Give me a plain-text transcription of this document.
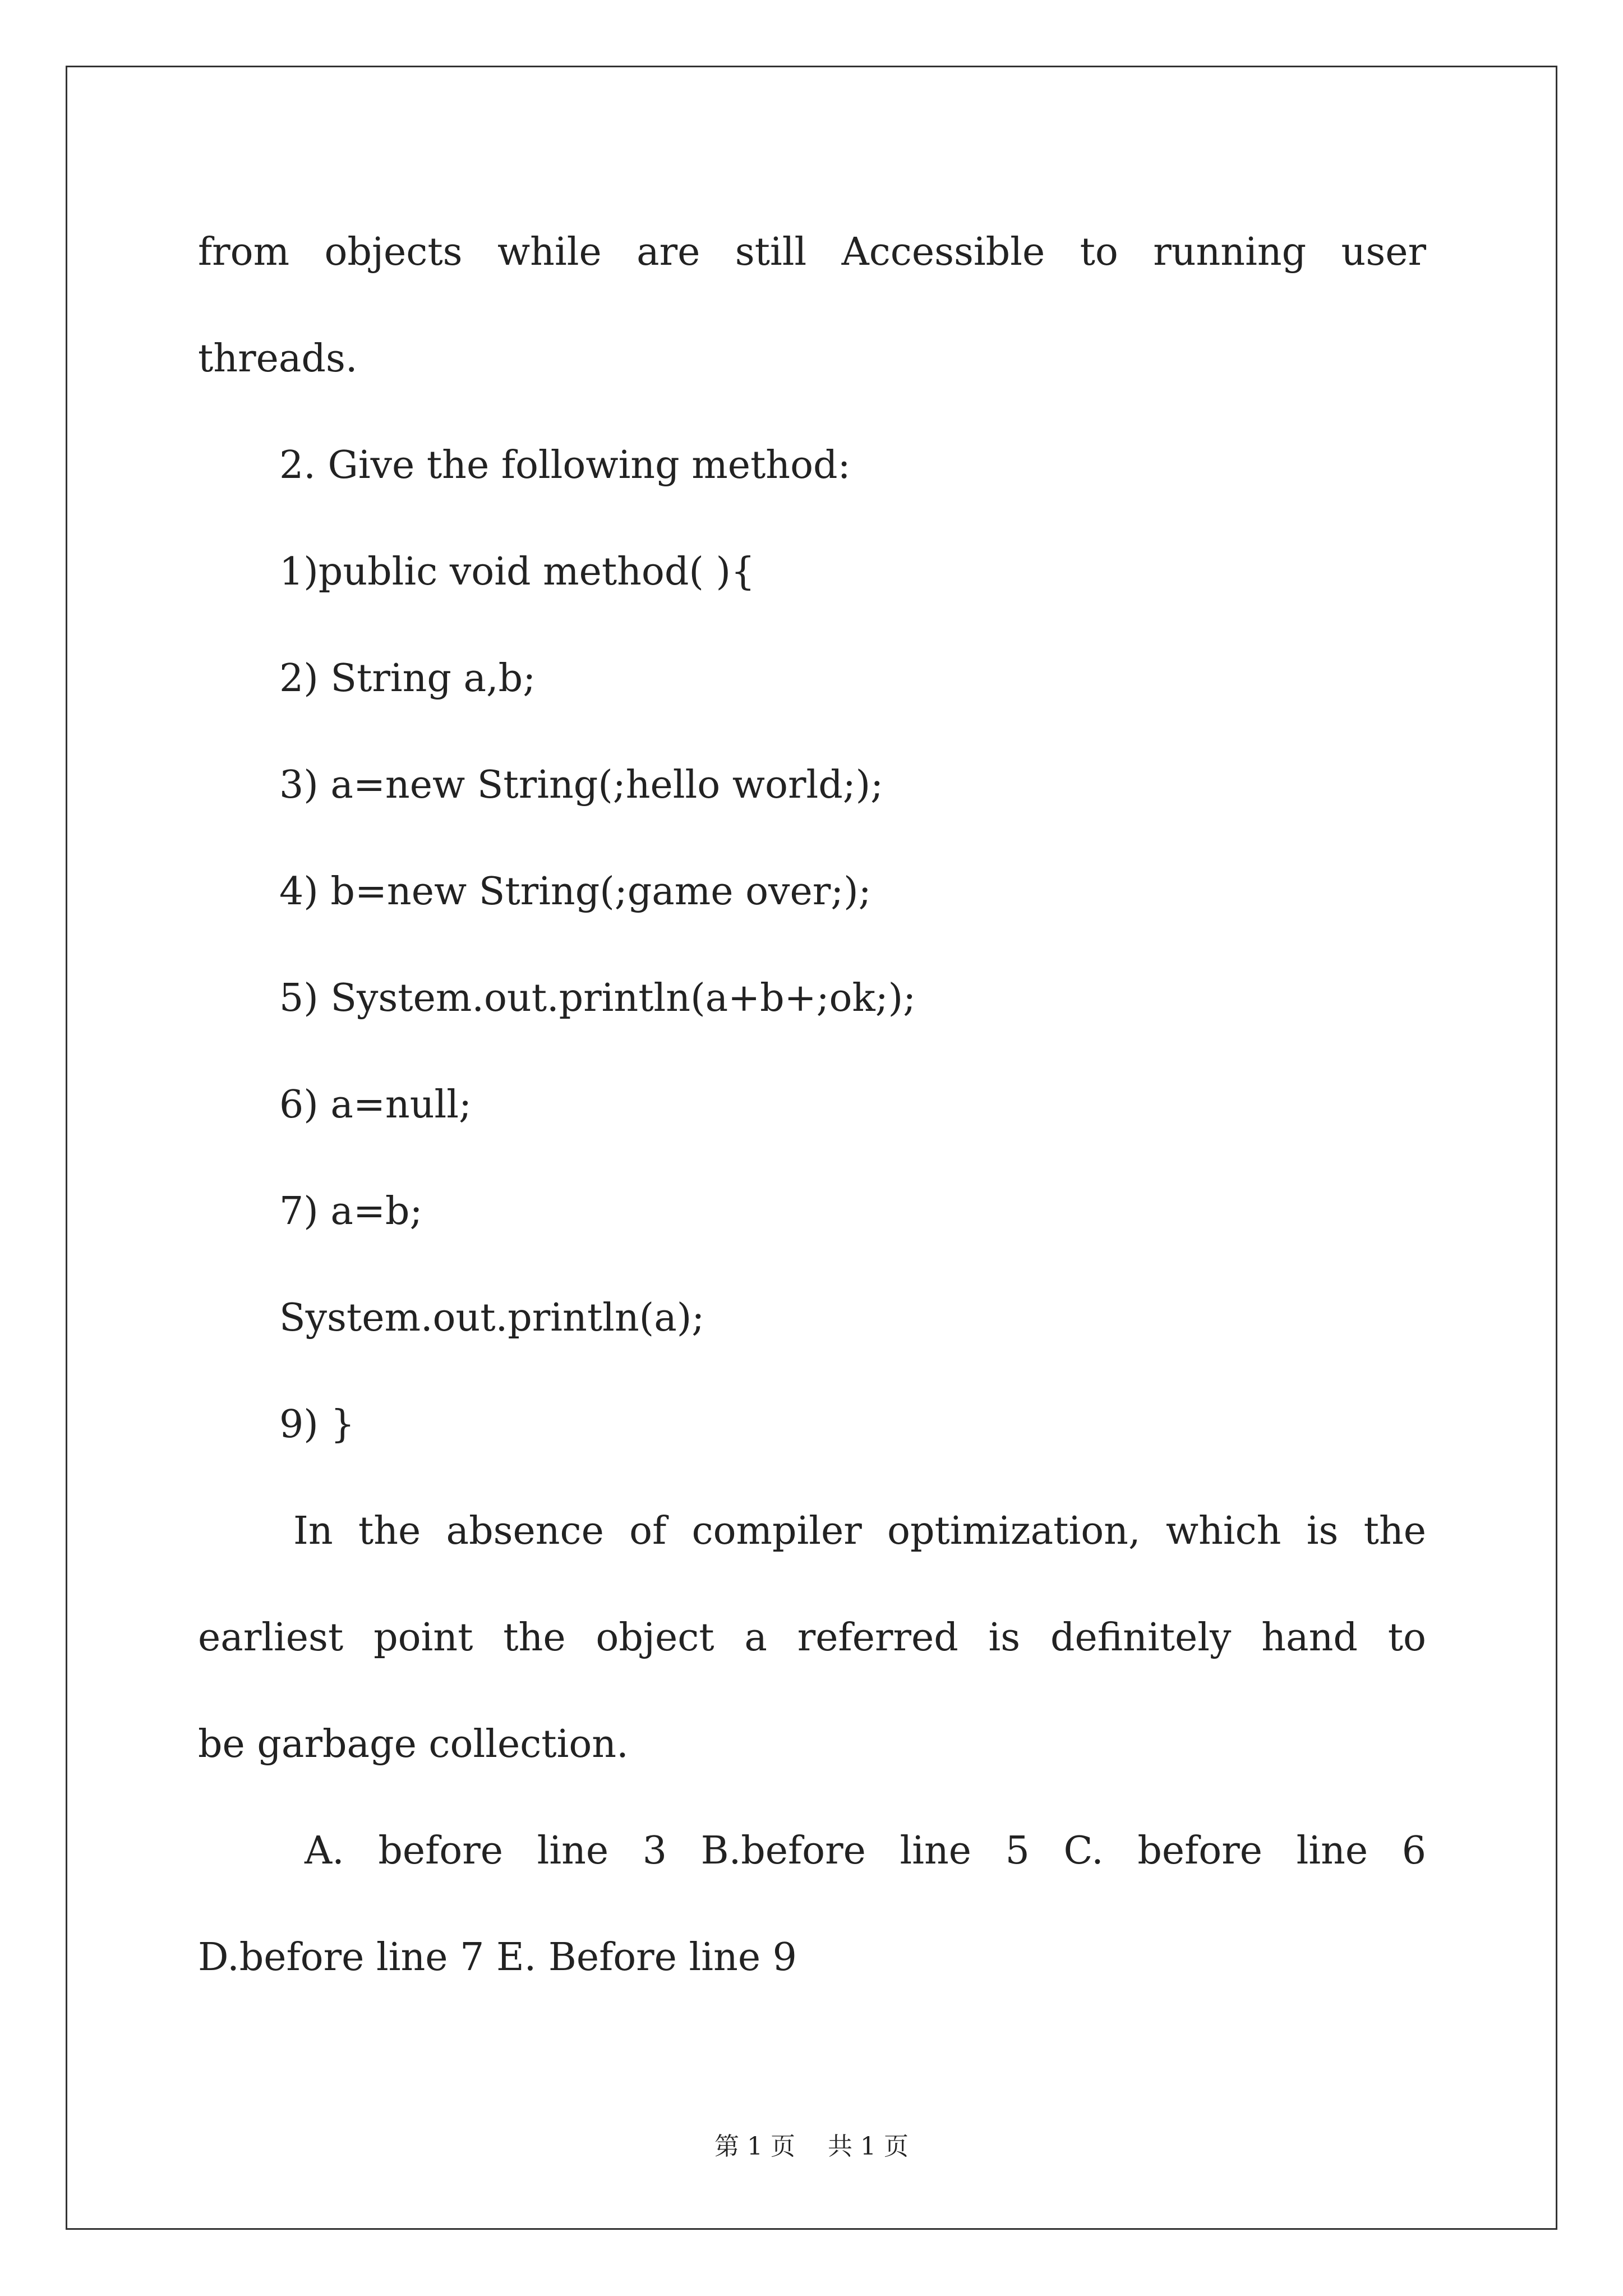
from objects while are still Accessible to running user
threads.
2. Give the following method:
1)public void method( ){
2) String a,b;
3) a=new String(;hello world;);
4) b=new String(;game over;);
5) System.out.println(a+b+;ok;);
6) a=null;
7) a=b;
System.out.println(a);
9) }
In the absence of compiler optimization, which is the
earliest point the object a referred is definitely hand to
be garbage collection.
A.  before  line  3  B.before  line  5  C.  before  line  6
D.before line 7 E. Before line 9
第 1 页　 共 1 页
